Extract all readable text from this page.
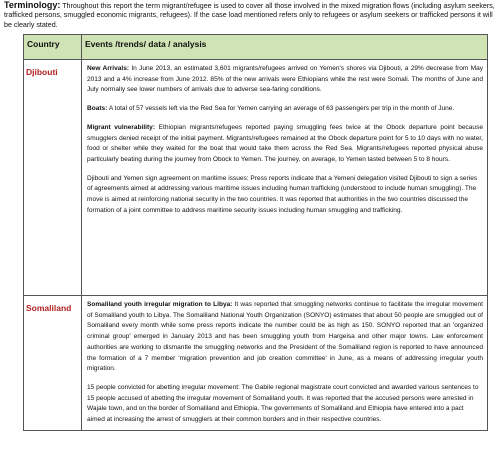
Terminology: Throughout this report the term migrant/refugee is used to cover all those involved in the mixed migration flows (including asylum seekers, trafficked persons, smuggled economic migrants, refugees). If the case load mentioned refers only to refugees or asylum seekers or trafficked persons it will be clearly stated.
Country	Events /trends/ data / analysis
Djibouti	New Arrivals: In June 2013, an estimated 3,601 migrants/refugees arrived on Yemen's shores via Djibouti, a 29% decrease from May 2013 and a 4% increase from June 2012. 85% of the new arrivals were Ethiopians while the rest were Somali. The months of June and July normally see lower numbers of arrivals due to adverse sea-faring conditions.

Boats: A total of 57 vessels left via the Red Sea for Yemen carrying an average of 63 passengers per trip in the month of June.

Migrant vulnerability: Ethiopian migrants/refugees reported paying smuggling fees twice at the Obock departure point because smugglers denied receipt of the initial payment. Migrants/refugees remained at the Obock departure point for 5 to 10 days with no water, food or shelter while they waited for the boat that would take them across the Red Sea. Migrants/refugees reported physical abuse particularly beating during the journey from Obock to Yemen. The journey, on average, to Yemen lasted between 5 to 8 hours.

Djibouti and Yemen sign agreement on maritime issues: Press reports indicate that a Yemeni delegation visited Djibouti to sign a series of agreements aimed at addressing various maritime issues including human trafficking (understood to include human smuggling). The move is aimed at reinforcing national security in the two countries. It was reported that authorities in the two countries discussed the formation of a joint committee to address maritime security issues including human smuggling and trafficking.

Somaliland	Somaliland youth irregular migration to Libya: It was reported that smuggling networks continue to facilitate the irregular movement of Somaliland youth to Libya. The Somaliland National Youth Organization (SONYO) estimates that about 50 people are smuggled out of Somaliland every month while some press reports indicate the number could be as high as 150. SONYO reported that an 'organized criminal group' emerged in January 2013 and has been smuggling youth from Hargeisa and other major towns. Law enforcement authorities are working to dismantle the smuggling networks and the President of the Somaliland region is reported to have announced the formation of a 7 member 'migration prevention and job creation committee' in June, as a means of addressing irregular youth migration.

15 people convicted for abetting irregular movement: The Gabile regional magistrate court convicted and awarded various sentences to 15 people accused of abetting the irregular movement of Somaliland youth. It was reported that the accused persons were arrested in Wajale town, and on the border of Somaliland and Ethiopia. The governments of Somaliland and Ethiopia have entered into a pact aimed at increasing the arrest of smugglers at their common borders and in their respective countries.
